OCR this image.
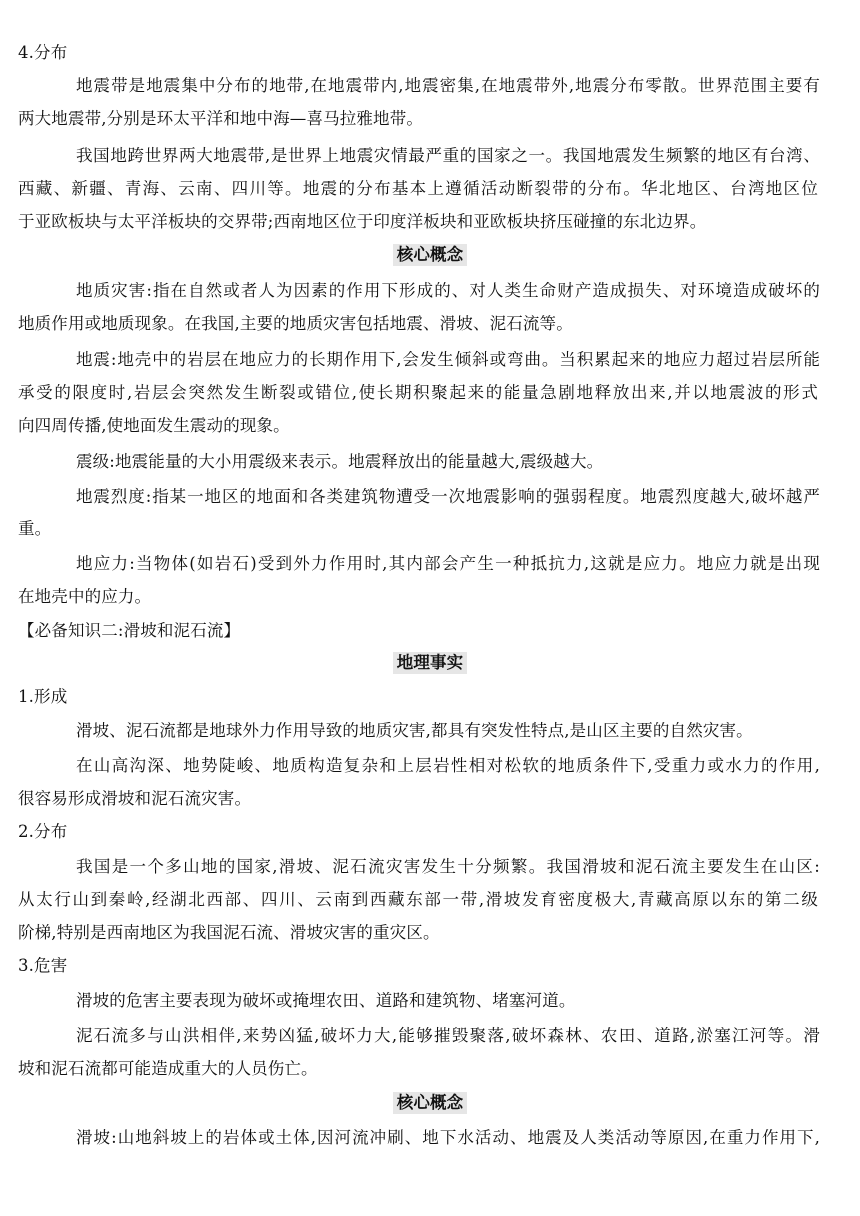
4.分布
地震带是地震集中分布的地带,在地震带内,地震密集,在地震带外,地震分布零散。世界范围主要有
两大地震带,分别是环太平洋和地中海—喜马拉雅地带。
我国地跨世界两大地震带,是世界上地震灾情最严重的国家之一。我国地震发生频繁的地区有台湾、
西藏、新疆、青海、云南、四川等。地震的分布基本上遵循活动断裂带的分布。华北地区、台湾地区位
于亚欧板块与太平洋板块的交界带;西南地区位于印度洋板块和亚欧板块挤压碰撞的东北边界。
核心概念
地质灾害:指在自然或者人为因素的作用下形成的、对人类生命财产造成损失、对环境造成破坏的
地质作用或地质现象。在我国,主要的地质灾害包括地震、滑坡、泥石流等。
地震:地壳中的岩层在地应力的长期作用下,会发生倾斜或弯曲。当积累起来的地应力超过岩层所能
承受的限度时,岩层会突然发生断裂或错位,使长期积聚起来的能量急剧地释放出来,并以地震波的形式
向四周传播,使地面发生震动的现象。
震级:地震能量的大小用震级来表示。地震释放出的能量越大,震级越大。
地震烈度:指某一地区的地面和各类建筑物遭受一次地震影响的强弱程度。地震烈度越大,破坏越严
重。
地应力:当物体(如岩石)受到外力作用时,其内部会产生一种抵抗力,这就是应力。地应力就是出现
在地壳中的应力。
【必备知识二:滑坡和泥石流】
地理事实
1.形成
滑坡、泥石流都是地球外力作用导致的地质灾害,都具有突发性特点,是山区主要的自然灾害。
在山高沟深、地势陡峻、地质构造复杂和上层岩性相对松软的地质条件下,受重力或水力的作用,
很容易形成滑坡和泥石流灾害。
2.分布
我国是一个多山地的国家,滑坡、泥石流灾害发生十分频繁。我国滑坡和泥石流主要发生在山区:
从太行山到秦岭,经湖北西部、四川、云南到西藏东部一带,滑坡发育密度极大,青藏高原以东的第二级
阶梯,特别是西南地区为我国泥石流、滑坡灾害的重灾区。
3.危害
滑坡的危害主要表现为破坏或掩埋农田、道路和建筑物、堵塞河道。
泥石流多与山洪相伴,来势凶猛,破坏力大,能够摧毁聚落,破坏森林、农田、道路,淤塞江河等。滑
坡和泥石流都可能造成重大的人员伤亡。
核心概念
滑坡:山地斜坡上的岩体或土体,因河流冲刷、地下水活动、地震及人类活动等原因,在重力作用下,
